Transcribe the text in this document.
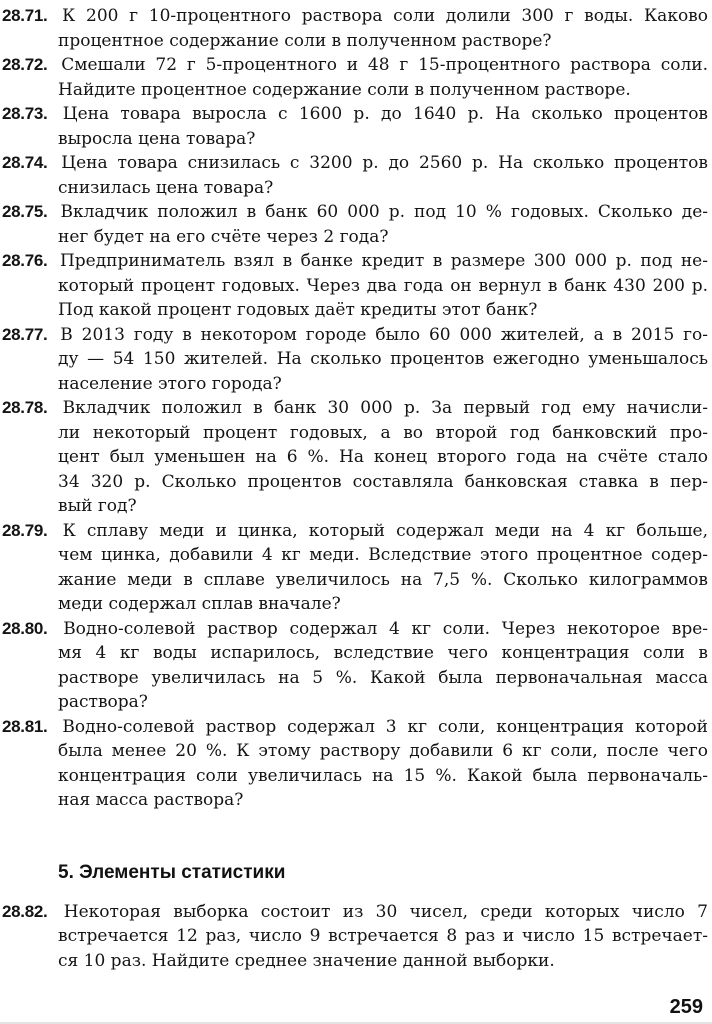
28.71. К 200 г 10-процентного раствора соли долили 300 г воды. Каково
процентное содержание соли в полученном растворе?
28.72. Смешали 72 г 5-процентного и 48 г 15-процентного раствора соли.
Найдите процентное содержание соли в полученном растворе.
28.73. Цена товара выросла с 1600 р. до 1640 р. На сколько процентов
выросла цена товара?
28.74. Цена товара снизилась с 3200 р. до 2560 р. На сколько процентов
снизилась цена товара?
28.75. Вкладчик положил в банк 60 000 р. под 10 % годовых. Сколько де-
нег будет на его счёте через 2 года?
28.76. Предприниматель взял в банке кредит в размере 300 000 р. под не-
который процент годовых. Через два года он вернул в банк 430 200 р.
Под какой процент годовых даёт кредиты этот банк?
28.77. В 2013 году в некотором городе было 60 000 жителей, а в 2015 го-
ду — 54 150 жителей. На сколько процентов ежегодно уменьшалось
население этого города?
28.78. Вкладчик положил в банк 30 000 р. За первый год ему начисли-
ли некоторый процент годовых, а во второй год банковский про-
цент был уменьшен на 6 %. На конец второго года на счёте стало
34 320 р. Сколько процентов составляла банковская ставка в пер-
вый год?
28.79. К сплаву меди и цинка, который содержал меди на 4 кг больше,
чем цинка, добавили 4 кг меди. Вследствие этого процентное содер-
жание меди в сплаве увеличилось на 7,5 %. Сколько килограммов
меди содержал сплав вначале?
28.80. Водно-солевой раствор содержал 4 кг соли. Через некоторое вре-
мя 4 кг воды испарилось, вследствие чего концентрация соли в
растворе увеличилась на 5 %. Какой была первоначальная масса
раствора?
28.81. Водно-солевой раствор содержал 3 кг соли, концентрация которой
была менее 20 %. К этому раствору добавили 6 кг соли, после чего
концентрация соли увеличилась на 15 %. Какой была первоначаль-
ная масса раствора?
5. Элементы статистики
28.82. Некоторая выборка состоит из 30 чисел, среди которых число 7
встречается 12 раз, число 9 встречается 8 раз и число 15 встречает-
ся 10 раз. Найдите среднее значение данной выборки.
259
